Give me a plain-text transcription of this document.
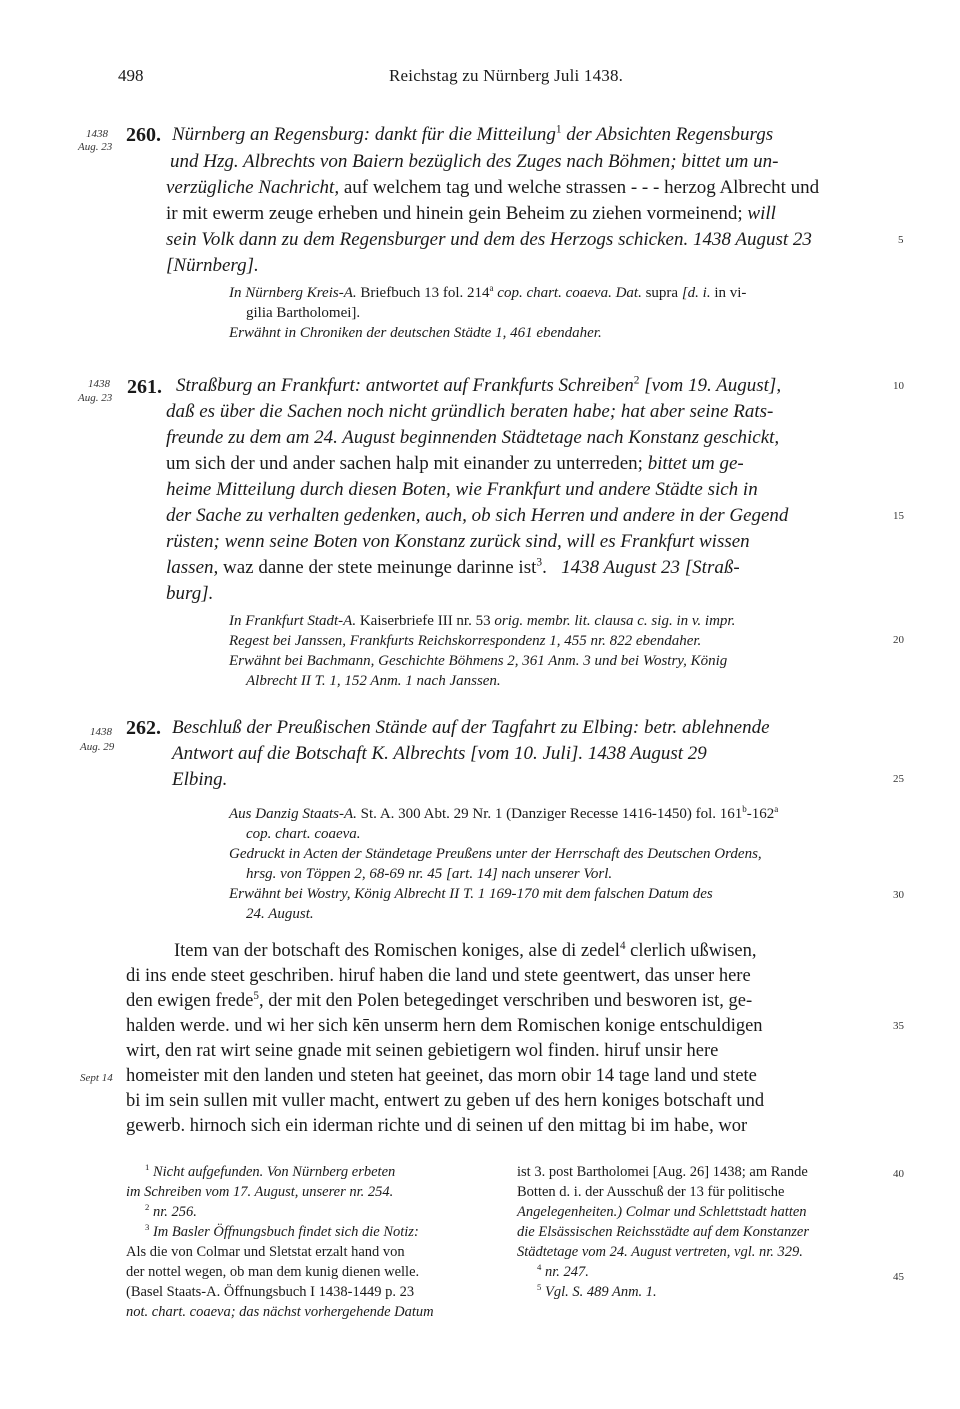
498	Reichstag zu Nürnberg Juli 1438.
1438
Aug. 23
260. Nürnberg an Regensburg: dankt für die Mitteilung$^1$ der Absichten Regensburgs
und Hzg. Albrechts von Baiern bezüglich des Zuges nach Böhmen; bittet um un-
verzügliche Nachricht, auf welchem tag und welche strassen - - - herzog Albrecht und
ir mit ewerm zeuge erheben und hinein gein Beheim zu ziehen vormeinend; will
sein Volk dann zu dem Regensburger und dem des Herzogs schicken. 1438 August 23	5
[Nürnberg].
In Nürnberg Kreis-A. Briefbuch 13 fol. 214$^a$ cop. chart. coaeva. Dat. supra [d. i. in vi-
gilia Bartholomei].
Erwähnt in Chroniken der deutschen Städte 1, 461 ebendaher.
1438
Aug. 23 261. Straßburg an Frankfurt: antwortet auf Frankfurts Schreiben$^2$ [vom 19. August],	10
daß es über die Sachen noch nicht gründlich beraten habe; hat aber seine Rats-
freunde zu dem am 24. August beginnenden Städtetage nach Konstanz geschickt,
um sich der und ander sachen halp mit einander zu unterreden; bittet um ge-
heime Mitteilung durch diesen Boten, wie Frankfurt und andere Städte sich in
der Sache zu verhalten gedenken, auch, ob sich Herren und andere in der Gegend	15
rüsten; wenn seine Boten von Konstanz zurück sind, will es Frankfurt wissen
lassen, waz danne der stete meinunge darinne ist$^3$.   1438 August 23 [Straß-
burg].
In Frankfurt Stadt-A. Kaiserbriefe III nr. 53 orig. membr. lit. clausa c. sig. in v. impr.
Regest bei Janssen, Frankfurts Reichskorrespondenz 1, 455 nr. 822 ebendaher.	20
Erwähnt bei Bachmann, Geschichte Böhmens 2, 361 Anm. 3 und bei Wostry, König
Albrecht II T. 1, 152 Anm. 1 nach Janssen.
1438
Aug. 29
262. Beschluß der Preußischen Stände auf der Tagfahrt zu Elbing: betr. ablehnende
Antwort auf die Botschaft K. Albrechts [vom 10. Juli]. 1438 August 29
Elbing.	25
Aus Danzig Staats-A. St. A. 300 Abt. 29 Nr. 1 (Danziger Recesse 1416-1450) fol. 161$^b$-162$^a$
cop. chart. coaeva.
Gedruckt in Acten der Ständetage Preußens unter der Herrschaft des Deutschen Ordens,
hrsg. von Töppen 2, 68-69 nr. 45 [art. 14] nach unserer Vorl.
Erwähnt bei Wostry, König Albrecht II T. 1 169-170 mit dem falschen Datum des	30
24. August.
Item van der botschaft des Romischen koniges, alse di zedel$^4$ clerlich ußwisen,
di ins ende steet geschriben. hiruf haben die land und stete geentwert, das unser here
den ewigen frede$^5$, der mit den Polen betegedinget verschriben und besworen ist, ge-
halden werde. und wi her sich kēn unserm hern dem Romischen konige entschuldigen	35
wirt, den rat wirt seine gnade mit seinen gebietigern wol finden. hiruf unsir here
Sept 14 homeister mit den landen und steten hat geeinet, das morn obir 14 tage land und stete
bi im sein sullen mit vuller macht, entwert zu geben uf des hern koniges botschaft und
gewerb. hirnoch sich ein iderman richte und di seinen uf den mittag bi im habe, wor
$^1$ Nicht aufgefunden. Von Nürnberg erbeten
im Schreiben vom 17. August, unserer nr. 254.
$^2$ nr. 256.
$^3$ Im Basler Öffnungsbuch findet sich die Notiz:
Als die von Colmar und Sletstat erzalt hand von
der nottel wegen, ob man dem kunig dienen welle.
(Basel Staats-A. Öffnungsbuch I 1438-1449 p. 23
not. chart. coaeva; das nächst vorhergehende Datum
ist 3. post Bartholomei [Aug. 26] 1438; am Rande	40
Botten d. i. der Ausschuß der 13 für politische
Angelegenheiten.) Colmar und Schlettstadt hatten
die Elsässischen Reichsstädte auf dem Konstanzer
Städtetage vom 24. August vertreten, vgl. nr. 329.
$^4$ nr. 247.	45
$^5$ Vgl. S. 489 Anm. 1.
